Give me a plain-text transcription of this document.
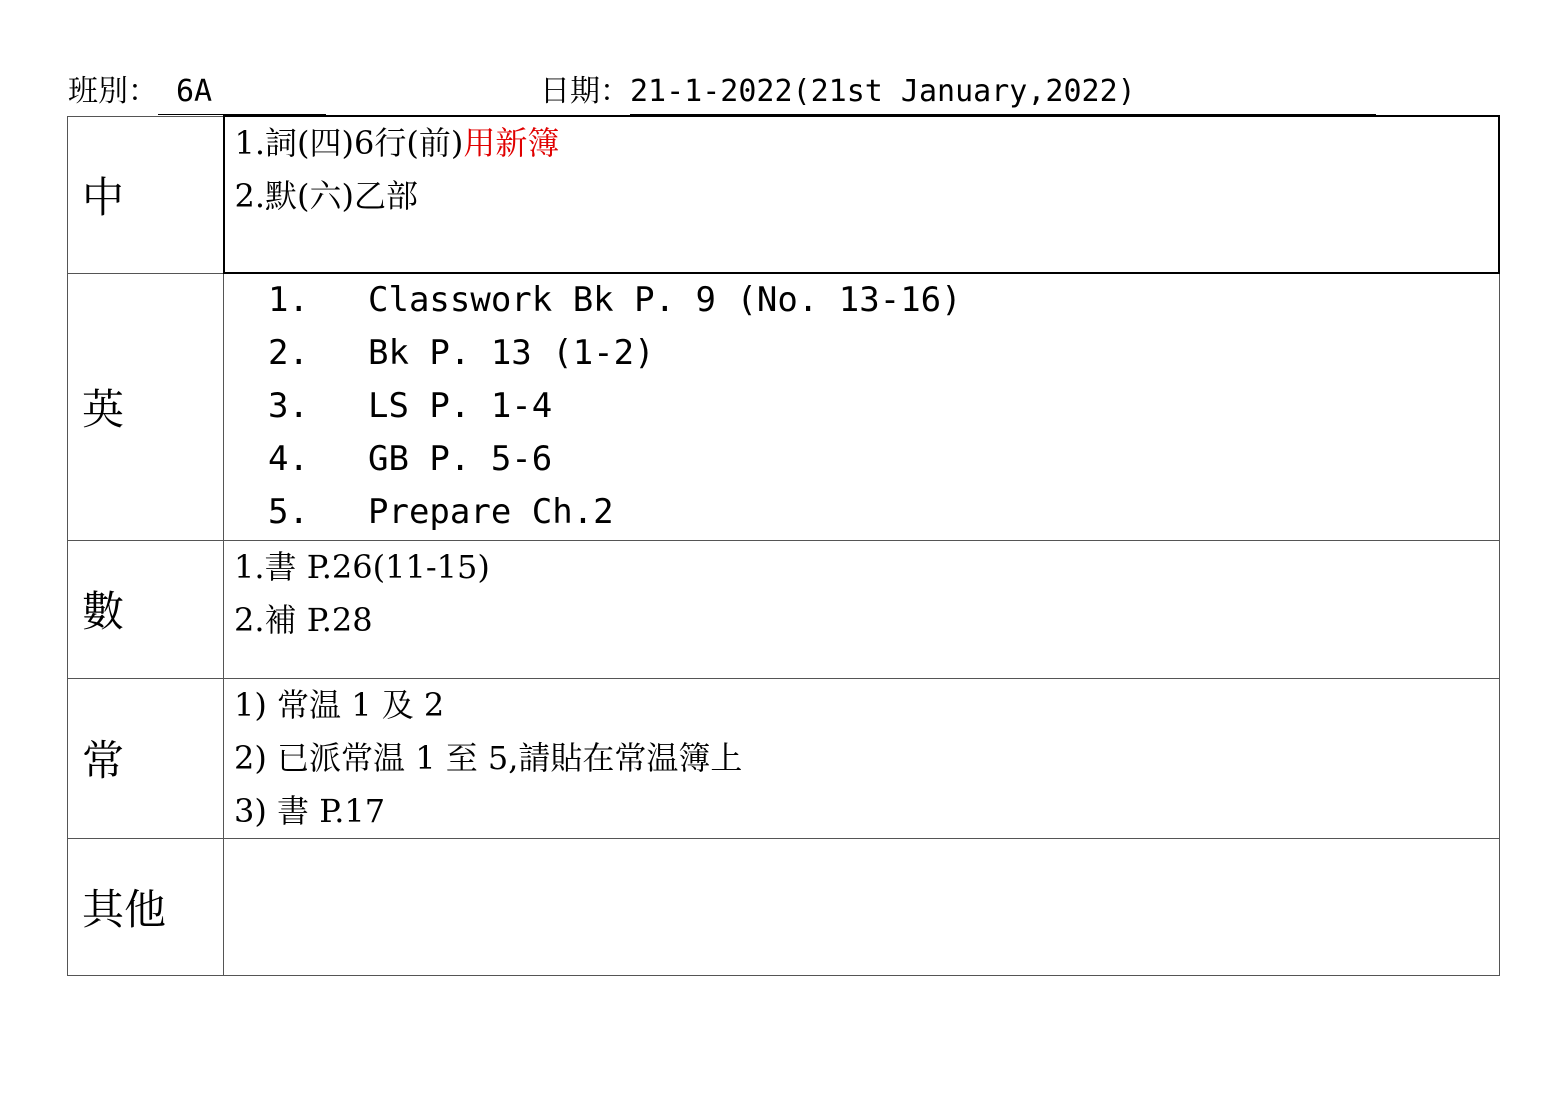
班別： 6A	日期：21-1-2022(21st January,2022)
中	1.詞(四)6行(前)用新簿
2.默(六)乙部

英	1. Classwork Bk P. 9 (No. 13-16)
2. Bk P. 13 (1-2)
3. LS P. 1-4
4. GB P. 5-6
5. Prepare Ch.2

數	1.書 P.26(11-15)
2.補 P.28

常	1) 常温 1 及 2
2) 已派常温 1 至 5,請貼在常温簿上
3) 書 P.17

其他	
